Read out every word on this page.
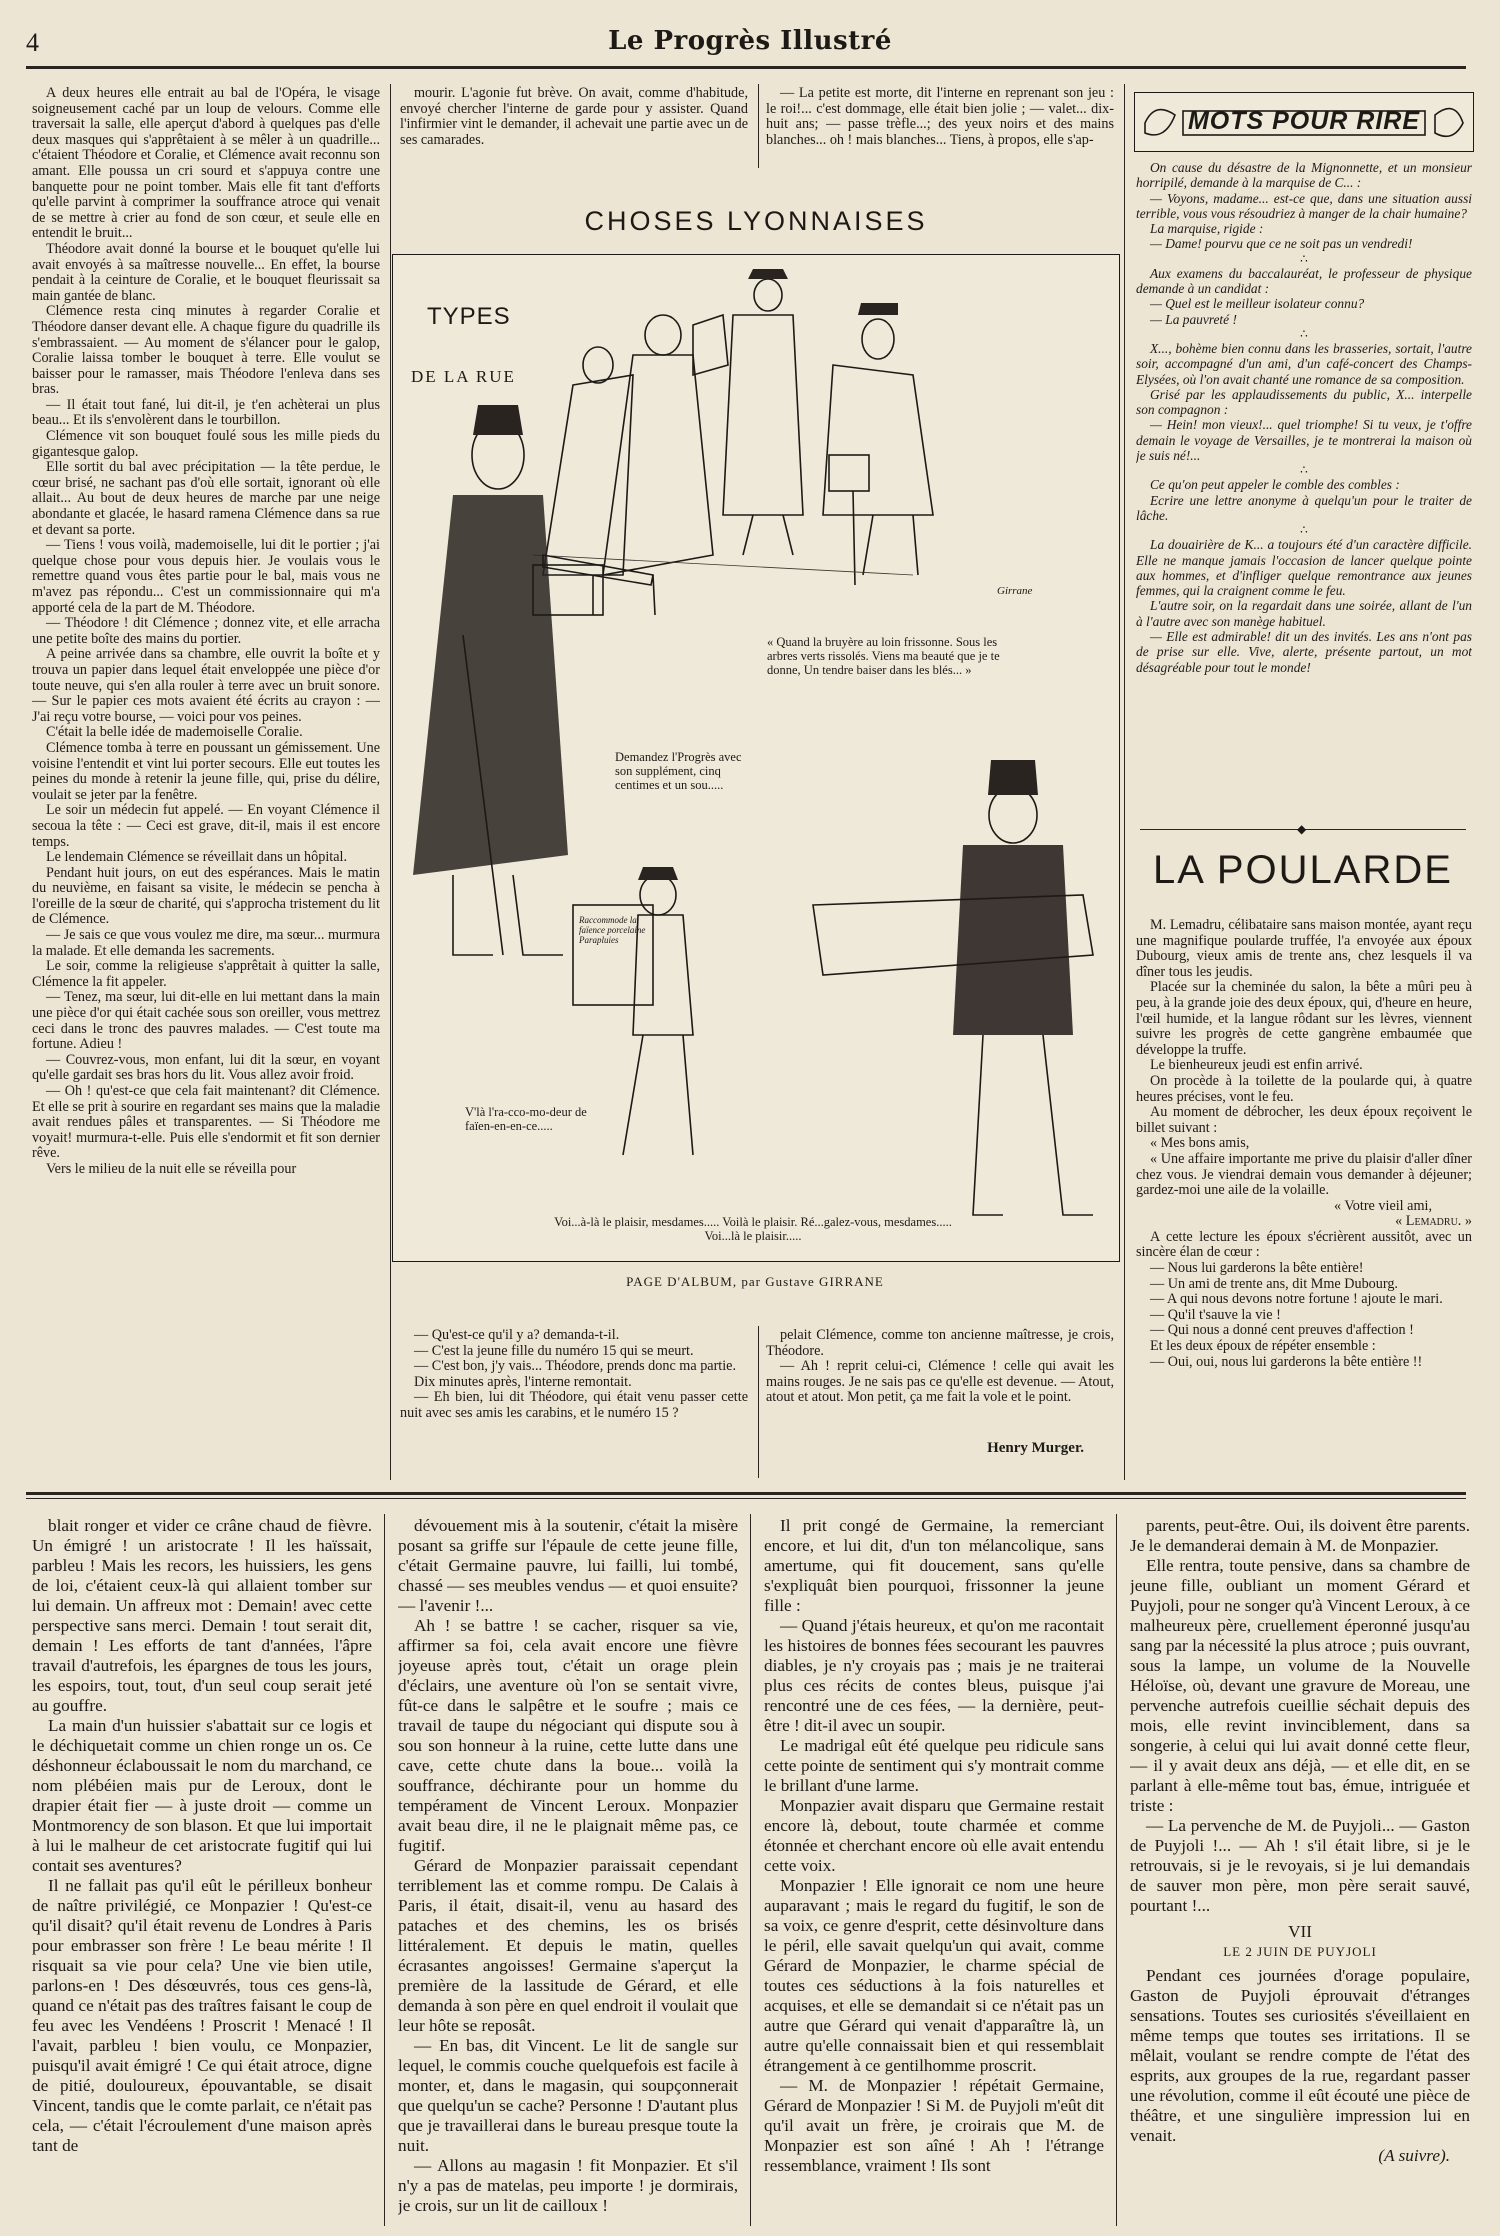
4	Le Progrès Illustré

A deux heures elle entrait au bal de l'Opéra, le visage soigneusement caché par un loup de velours. Comme elle traversait la salle, elle aperçut d'abord à quelques pas d'elle deux masques qui s'apprêtaient à se mêler à un quadrille... c'étaient Théodore et Coralie, et Clémence avait reconnu son amant. Elle poussa un cri sourd et s'appuya contre une banquette pour ne point tomber. Mais elle fit tant d'efforts qu'elle parvint à comprimer la souffrance atroce qui venait de se mettre à crier au fond de son cœur, et seule elle en entendit le bruit...

Théodore avait donné la bourse et le bouquet qu'elle lui avait envoyés à sa maîtresse nouvelle... En effet, la bourse pendait à la ceinture de Coralie, et le bouquet fleurissait sa main gantée de blanc.

Clémence resta cinq minutes à regarder Coralie et Théodore danser devant elle. A chaque figure du quadrille ils s'embrassaient. — Au moment de s'élancer pour le galop, Coralie laissa tomber le bouquet à terre. Elle voulut se baisser pour le ramasser, mais Théodore l'enleva dans ses bras.

— Il était tout fané, lui dit-il, je t'en achèterai un plus beau... Et ils s'envolèrent dans le tourbillon.

Clémence vit son bouquet foulé sous les mille pieds du gigantesque galop.

Elle sortit du bal avec précipitation — la tête perdue, le cœur brisé, ne sachant pas d'où elle sortait, ignorant où elle allait... Au bout de deux heures de marche par une neige abondante et glacée, le hasard ramena Clémence dans sa rue et devant sa porte.

— Tiens ! vous voilà, mademoiselle, lui dit le portier ; j'ai quelque chose pour vous depuis hier. Je voulais vous le remettre quand vous êtes partie pour le bal, mais vous ne m'avez pas répondu... C'est un commissionnaire qui m'a apporté cela de la part de M. Théodore.

— Théodore ! dit Clémence ; donnez vite, et elle arracha une petite boîte des mains du portier.

A peine arrivée dans sa chambre, elle ouvrit la boîte et y trouva un papier dans lequel était enveloppée une pièce d'or toute neuve, qui s'en alla rouler à terre avec un bruit sonore. — Sur le papier ces mots avaient été écrits au crayon : — J'ai reçu votre bourse, — voici pour vos peines.

C'était la belle idée de mademoiselle Coralie.

Clémence tomba à terre en poussant un gémissement. Une voisine l'entendit et vint lui porter secours. Elle eut toutes les peines du monde à retenir la jeune fille, qui, prise du délire, voulait se jeter par la fenêtre.

Le soir un médecin fut appelé. — En voyant Clémence il secoua la tête : — Ceci est grave, dit-il, mais il est encore temps.

Le lendemain Clémence se réveillait dans un hôpital.

Pendant huit jours, on eut des espérances. Mais le matin du neuvième, en faisant sa visite, le médecin se pencha à l'oreille de la sœur de charité, qui s'approcha tristement du lit de Clémence.

— Je sais ce que vous voulez me dire, ma sœur... murmura la malade. Et elle demanda les sacrements.

Le soir, comme la religieuse s'apprêtait à quitter la salle, Clémence la fit appeler.

— Tenez, ma sœur, lui dit-elle en lui mettant dans la main une pièce d'or qui était cachée sous son oreiller, vous mettrez ceci dans le tronc des pauvres malades. — C'est toute ma fortune. Adieu !

— Couvrez-vous, mon enfant, lui dit la sœur, en voyant qu'elle gardait ses bras hors du lit. Vous allez avoir froid.

— Oh ! qu'est-ce que cela fait maintenant? dit Clémence. Et elle se prit à sourire en regardant ses mains que la maladie avait rendues pâles et transparentes. — Si Théodore me voyait! murmura-t-elle. Puis elle s'endormit et fit son dernier rêve.

Vers le milieu de la nuit elle se réveilla pour

mourir. L'agonie fut brève. On avait, comme d'habitude, envoyé chercher l'interne de garde pour y assister. Quand l'infirmier vint le demander, il achevait une partie avec un de ses camarades.

— La petite est morte, dit l'interne en reprenant son jeu : le roi!... c'est dommage, elle était bien jolie ; — valet... dix-huit ans; — passe trèfle...; des yeux noirs et des mains blanches... oh ! mais blanches... Tiens, à propos, elle s'ap-

CHOSES LYONNAISES
TYPES
DE LA RUE
« Quand la bruyère au loin frissonne. Sous les arbres verts rissolés. Viens ma beauté que je te donne, Un tendre baiser dans les blés... »
Demandez l'Progrès avec son supplément, cinq centimes et un sou.....
V'là l'ra-cco-mo-deur de faïen-en-en-ce.....
Voi...à-là le plaisir, mesdames..... Voilà le plaisir. Ré...galez-vous, mesdames..... Voi...là le plaisir.....
Raccommode la faïence porcelaine Parapluies
Girrane
PAGE D'ALBUM, par Gustave GIRRANE

— Qu'est-ce qu'il y a? demanda-t-il.

— C'est la jeune fille du numéro 15 qui se meurt.

— C'est bon, j'y vais... Théodore, prends donc ma partie.

Dix minutes après, l'interne remontait.

— Eh bien, lui dit Théodore, qui était venu passer cette nuit avec ses amis les carabins, et le numéro 15 ?

pelait Clémence, comme ton ancienne maîtresse, je crois, Théodore.

— Ah ! reprit celui-ci, Clémence ! celle qui avait les mains rouges. Je ne sais pas ce qu'elle est devenue. — Atout, atout et atout. Mon petit, ça me fait la vole et le point.

Henry Murger.
MOTS POUR RIRE

On cause du désastre de la Mignonnette, et un monsieur horripilé, demande à la marquise de C... :

— Voyons, madame... est-ce que, dans une situation aussi terrible, vous vous résoudriez à manger de la chair humaine?

La marquise, rigide :

— Dame! pourvu que ce ne soit pas un vendredi!

∴

Aux examens du baccalauréat, le professeur de physique demande à un candidat :

— Quel est le meilleur isolateur connu?

— La pauvreté !

∴

X..., bohème bien connu dans les brasseries, sortait, l'autre soir, accompagné d'un ami, d'un café-concert des Champs-Elysées, où l'on avait chanté une romance de sa composition.

Grisé par les applaudissements du public, X... interpelle son compagnon :

— Hein! mon vieux!... quel triomphe! Si tu veux, je t'offre demain le voyage de Versailles, je te montrerai la maison où je suis né!...

∴

Ce qu'on peut appeler le comble des combles :

Ecrire une lettre anonyme à quelqu'un pour le traiter de lâche.

∴

La douairière de K... a toujours été d'un caractère difficile. Elle ne manque jamais l'occasion de lancer quelque pointe aux hommes, et d'infliger quelque remontrance aux jeunes femmes, qui la craignent comme le feu.

L'autre soir, on la regardait dans une soirée, allant de l'un à l'autre avec son manège habituel.

— Elle est admirable! dit un des invités. Les ans n'ont pas de prise sur elle. Vive, alerte, présente partout, un mot désagréable pour tout le monde!

◆
LA POULARDE

M. Lemadru, célibataire sans maison montée, ayant reçu une magnifique poularde truffée, l'a envoyée aux époux Dubourg, vieux amis de trente ans, chez lesquels il va dîner tous les jeudis.

Placée sur la cheminée du salon, la bête a mûri peu à peu, à la grande joie des deux époux, qui, d'heure en heure, l'œil humide, et la langue rôdant sur les lèvres, viennent suivre les progrès de cette gangrène embaumée que développe la truffe.

Le bienheureux jeudi est enfin arrivé.

On procède à la toilette de la poularde qui, à quatre heures précises, vont le feu.

Au moment de débrocher, les deux époux reçoivent le billet suivant :

« Mes bons amis,

« Une affaire importante me prive du plaisir d'aller dîner chez vous. Je viendrai demain vous demander à déjeuner; gardez-moi une aile de la volaille.

« Votre vieil ami,
« Lemadru. »

A cette lecture les époux s'écrièrent aussitôt, avec un sincère élan de cœur :

— Nous lui garderons la bête entière!

— Un ami de trente ans, dit Mme Dubourg.

— A qui nous devons notre fortune ! ajoute le mari.

— Qu'il t'sauve la vie !

— Qui nous a donné cent preuves d'affection !

Et les deux époux de répéter ensemble :

— Oui, oui, nous lui garderons la bête entière !!

blait ronger et vider ce crâne chaud de fièvre. Un émigré ! un aristocrate ! Il les haïssait, parbleu ! Mais les recors, les huissiers, les gens de loi, c'étaient ceux-là qui allaient tomber sur lui demain. Un affreux mot : Demain! avec cette perspective sans merci. Demain ! tout serait dit, demain ! Les efforts de tant d'années, l'âpre travail d'autrefois, les épargnes de tous les jours, les espoirs, tout, tout, d'un seul coup serait jeté au gouffre.

La main d'un huissier s'abattait sur ce logis et le déchiquetait comme un chien ronge un os. Ce déshonneur éclaboussait le nom du marchand, ce nom plébéien mais pur de Leroux, dont le drapier était fier — à juste droit — comme un Montmorency de son blason. Et que lui importait à lui le malheur de cet aristocrate fugitif qui lui contait ses aventures?

Il ne fallait pas qu'il eût le périlleux bonheur de naître privilégié, ce Monpazier ! Qu'est-ce qu'il disait? qu'il était revenu de Londres à Paris pour embrasser son frère ! Le beau mérite ! Il risquait sa vie pour cela? Une vie bien utile, parlons-en ! Des désœuvrés, tous ces gens-là, quand ce n'était pas des traîtres faisant le coup de feu avec les Vendéens ! Proscrit ! Menacé ! Il l'avait, parbleu ! bien voulu, ce Monpazier, puisqu'il avait émigré ! Ce qui était atroce, digne de pitié, douloureux, épouvantable, se disait Vincent, tandis que le comte parlait, ce n'était pas cela, — c'était l'écroulement d'une maison après tant de

dévouement mis à la soutenir, c'était la misère posant sa griffe sur l'épaule de cette jeune fille, c'était Germaine pauvre, lui failli, lui tombé, chassé — ses meubles vendus — et quoi ensuite? — l'avenir !...

Ah ! se battre ! se cacher, risquer sa vie, affirmer sa foi, cela avait encore une fièvre joyeuse après tout, c'était un orage plein d'éclairs, une aventure où l'on se sentait vivre, fût-ce dans le salpêtre et le soufre ; mais ce travail de taupe du négociant qui dispute sou à sou son honneur à la ruine, cette lutte dans une cave, cette chute dans la boue... voilà la souffrance, déchirante pour un homme du tempérament de Vincent Leroux. Monpazier avait beau dire, il ne le plaignait même pas, ce fugitif.

Gérard de Monpazier paraissait cependant terriblement las et comme rompu. De Calais à Paris, il était, disait-il, venu au hasard des pataches et des chemins, les os brisés littéralement. Et depuis le matin, quelles écrasantes angoisses! Germaine s'aperçut la première de la lassitude de Gérard, et elle demanda à son père en quel endroit il voulait que leur hôte se reposât.

— En bas, dit Vincent. Le lit de sangle sur lequel, le commis couche quelquefois est facile à monter, et, dans le magasin, qui soupçonnerait que quelqu'un se cache? Personne ! D'autant plus que je travaillerai dans le bureau presque toute la nuit.

— Allons au magasin ! fit Monpazier. Et s'il n'y a pas de matelas, peu importe ! je dormirais, je crois, sur un lit de cailloux !

Il prit congé de Germaine, la remerciant encore, et lui dit, d'un ton mélancolique, sans amertume, qui fit doucement, sans qu'elle s'expliquât bien pourquoi, frissonner la jeune fille :

— Quand j'étais heureux, et qu'on me racontait les histoires de bonnes fées secourant les pauvres diables, je n'y croyais pas ; mais je ne traiterai plus ces récits de contes bleus, puisque j'ai rencontré une de ces fées, — la dernière, peut-être ! dit-il avec un soupir.

Le madrigal eût été quelque peu ridicule sans cette pointe de sentiment qui s'y montrait comme le brillant d'une larme.

Monpazier avait disparu que Germaine restait encore là, debout, toute charmée et comme étonnée et cherchant encore où elle avait entendu cette voix.

Monpazier ! Elle ignorait ce nom une heure auparavant ; mais le regard du fugitif, le son de sa voix, ce genre d'esprit, cette désinvolture dans le péril, elle savait quelqu'un qui avait, comme Gérard de Monpazier, le charme spécial de toutes ces séductions à la fois naturelles et acquises, et elle se demandait si ce n'était pas un autre que Gérard qui venait d'apparaître là, un autre qu'elle connaissait bien et qui ressemblait étrangement à ce gentilhomme proscrit.

— M. de Monpazier ! répétait Germaine, Gérard de Monpazier ! Si M. de Puyjoli m'eût dit qu'il avait un frère, je croirais que M. de Monpazier est son aîné ! Ah ! l'étrange ressemblance, vraiment ! Ils sont

parents, peut-être. Oui, ils doivent être parents. Je le demanderai demain à M. de Monpazier.

Elle rentra, toute pensive, dans sa chambre de jeune fille, oubliant un moment Gérard et Puyjoli, pour ne songer qu'à Vincent Leroux, à ce malheureux père, cruellement éperonné jusqu'au sang par la nécessité la plus atroce ; puis ouvrant, sous la lampe, un volume de la Nouvelle Héloïse, où, devant une gravure de Moreau, une pervenche autrefois cueillie séchait depuis des mois, elle revint invinciblement, dans sa songerie, à celui qui lui avait donné cette fleur, — il y avait deux ans déjà, — et elle dit, en se parlant à elle-même tout bas, émue, intriguée et triste :

— La pervenche de M. de Puyjoli... — Gaston de Puyjoli !... — Ah ! s'il était libre, si je le retrouvais, si je le revoyais, si je lui demandais de sauver mon père, mon père serait sauvé, pourtant !...

VII
LE 2 JUIN DE PUYJOLI

Pendant ces journées d'orage populaire, Gaston de Puyjoli éprouvait d'étranges sensations. Toutes ses curiosités s'éveillaient en même temps que toutes ses irritations. Il se mêlait, voulant se rendre compte de l'état des esprits, aux groupes de la rue, regardant passer une révolution, comme il eût écouté une pièce de théâtre, et une singulière impression lui en venait.

(A suivre).
